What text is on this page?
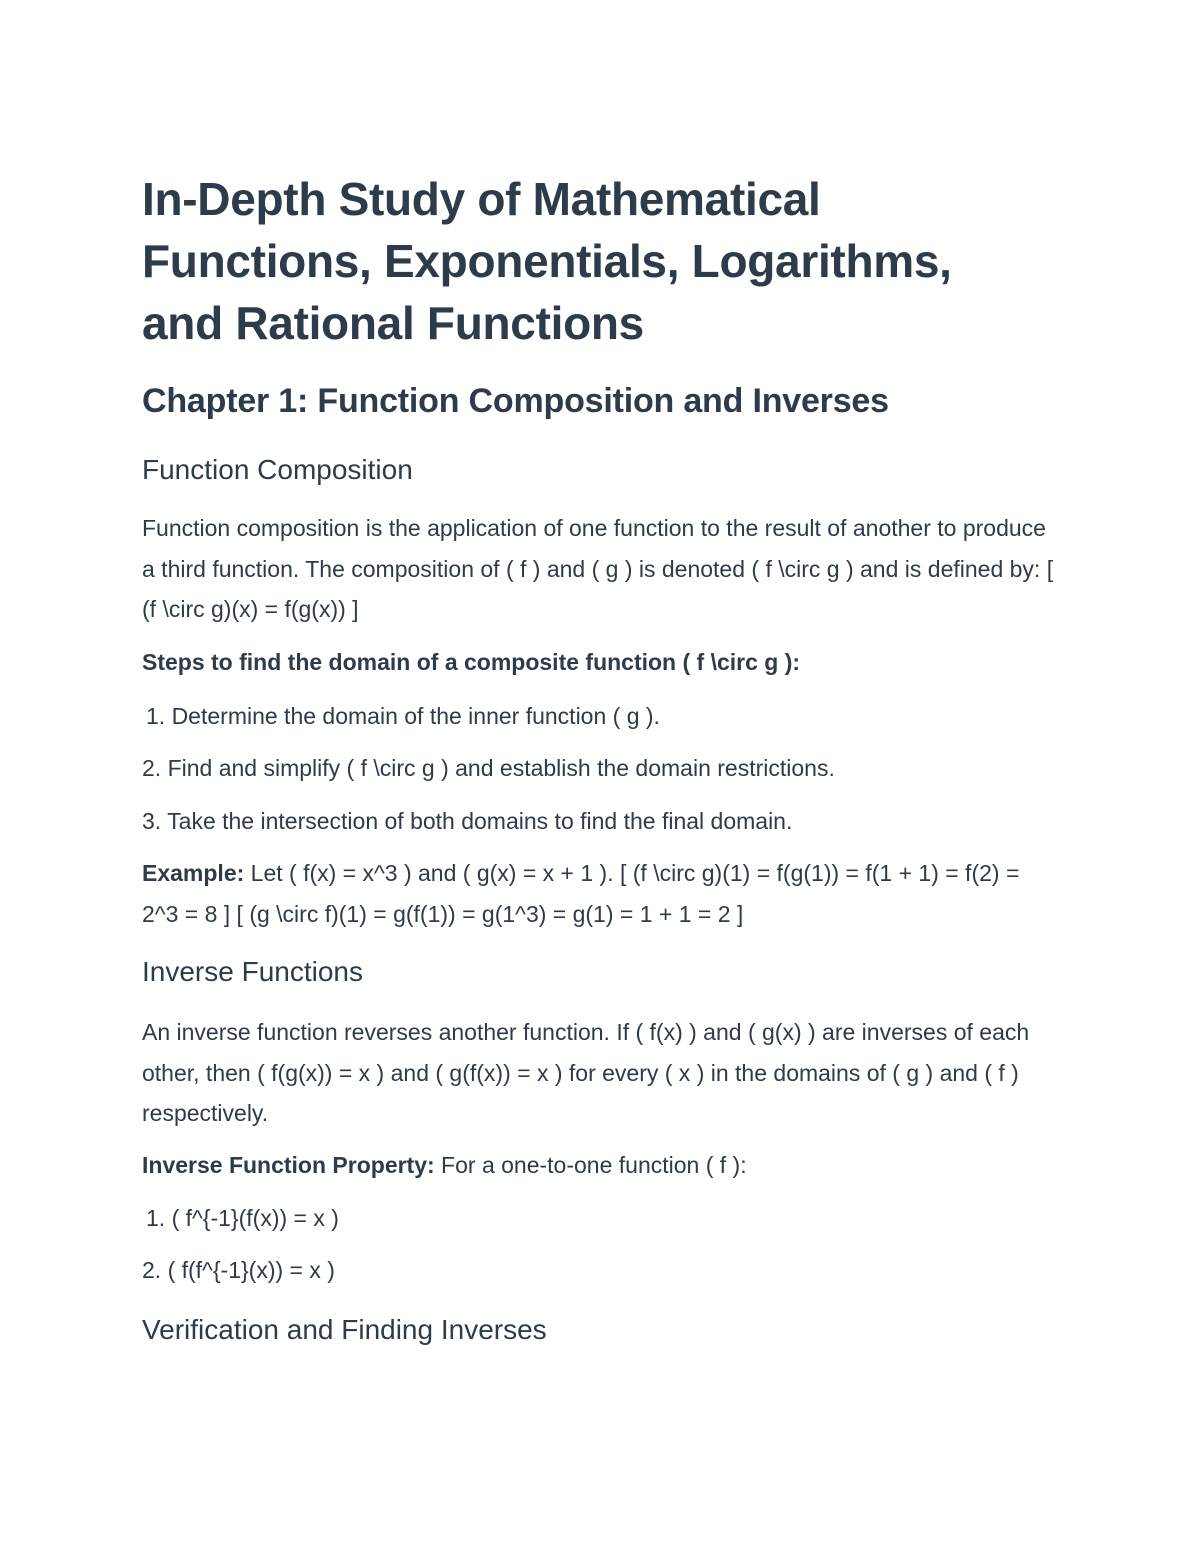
In-Depth Study of Mathematical Functions, Exponentials, Logarithms, and Rational Functions
Chapter 1: Function Composition and Inverses
Function Composition

Function composition is the application of one function to the result of another to produce a third function. The composition of ( f ) and ( g ) is denoted ( f \circ g ) and is defined by: [ (f \circ g)(x) = f(g(x)) ]

Steps to find the domain of a composite function ( f \circ g ):

1. Determine the domain of the inner function ( g ).

2. Find and simplify ( f \circ g ) and establish the domain restrictions.

3. Take the intersection of both domains to find the final domain.

Example: Let ( f(x) = x^3 ) and ( g(x) = x + 1 ). [ (f \circ g)(1) = f(g(1)) = f(1 + 1) = f(2) = 2^3 = 8 ] [ (g \circ f)(1) = g(f(1)) = g(1^3) = g(1) = 1 + 1 = 2 ]

Inverse Functions

An inverse function reverses another function. If ( f(x) ) and ( g(x) ) are inverses of each other, then ( f(g(x)) = x ) and ( g(f(x)) = x ) for every ( x ) in the domains of ( g ) and ( f ) respectively.

Inverse Function Property: For a one-to-one function ( f ):

1. ( f^{-1}(f(x)) = x )

2. ( f(f^{-1}(x)) = x )

Verification and Finding Inverses
